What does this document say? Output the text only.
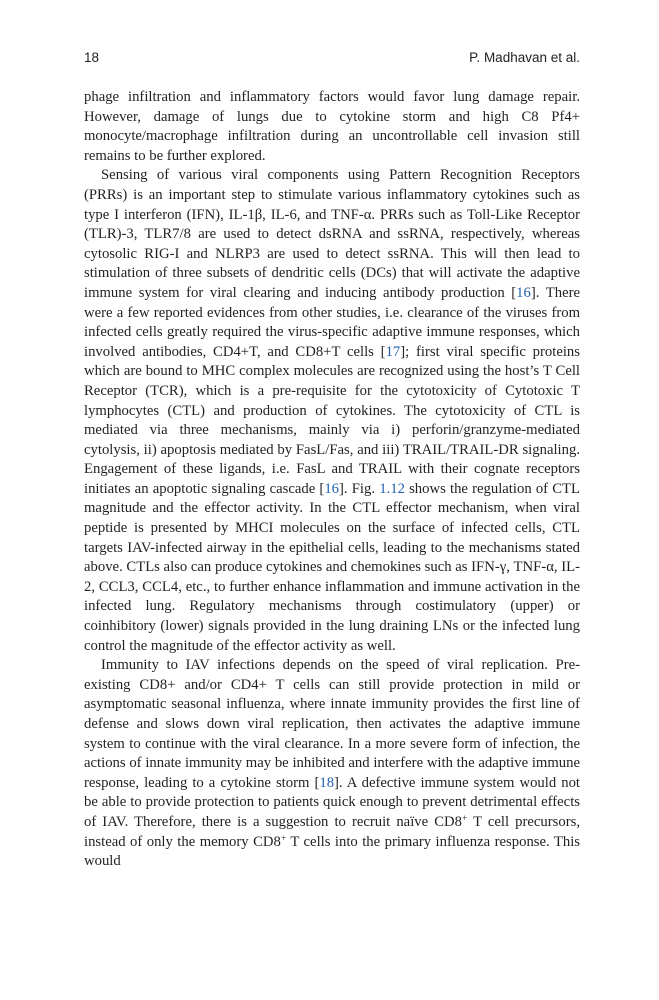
18	P. Madhavan et al.

phage infiltration and inflammatory factors would favor lung damage repair. However, damage of lungs due to cytokine storm and high C8 Pf4+ monocyte/macrophage infiltration during an uncontrollable cell invasion still remains to be further explored.

Sensing of various viral components using Pattern Recognition Receptors (PRRs) is an important step to stimulate various inflammatory cytokines such as type I interferon (IFN), IL-1β, IL-6, and TNF-α. PRRs such as Toll-Like Receptor (TLR)-3, TLR7/8 are used to detect dsRNA and ssRNA, respectively, whereas cytosolic RIG-I and NLRP3 are used to detect ssRNA. This will then lead to stimulation of three subsets of dendritic cells (DCs) that will activate the adaptive immune system for viral clearing and inducing antibody production [16]. There were a few reported evidences from other studies, i.e. clearance of the viruses from infected cells greatly required the virus-specific adaptive immune responses, which involved antibodies, CD4+T, and CD8+T cells [17]; first viral specific proteins which are bound to MHC complex molecules are recognized using the host’s T Cell Receptor (TCR), which is a pre-requisite for the cytotoxicity of Cytotoxic T lymphocytes (CTL) and production of cytokines. The cytotoxicity of CTL is mediated via three mechanisms, mainly via i) perforin/granzyme-mediated cytolysis, ii) apoptosis mediated by FasL/Fas, and iii) TRAIL/TRAIL-DR signaling. Engagement of these ligands, i.e. FasL and TRAIL with their cognate receptors initiates an apoptotic signaling cascade [16]. Fig. 1.12 shows the regulation of CTL magnitude and the effector activity. In the CTL effector mechanism, when viral peptide is presented by MHCI molecules on the surface of infected cells, CTL targets IAV-infected airway in the epithelial cells, leading to the mechanisms stated above. CTLs also can produce cytokines and chemokines such as IFN-γ, TNF-α, IL-2, CCL3, CCL4, etc., to further enhance inflammation and immune activation in the infected lung. Regulatory mechanisms through costimulatory (upper) or coinhibitory (lower) signals provided in the lung draining LNs or the infected lung control the magnitude of the effector activity as well.

Immunity to IAV infections depends on the speed of viral replication. Pre-existing CD8+ and/or CD4+ T cells can still provide protection in mild or asymptomatic seasonal influenza, where innate immunity provides the first line of defense and slows down viral replication, then activates the adaptive immune system to continue with the viral clearance. In a more severe form of infection, the actions of innate immunity may be inhibited and interfere with the adaptive immune response, leading to a cytokine storm [18]. A defective immune system would not be able to provide protection to patients quick enough to prevent detrimental effects of IAV. Therefore, there is a suggestion to recruit naïve CD8+ T cell precursors, instead of only the memory CD8+ T cells into the primary influenza response. This would
